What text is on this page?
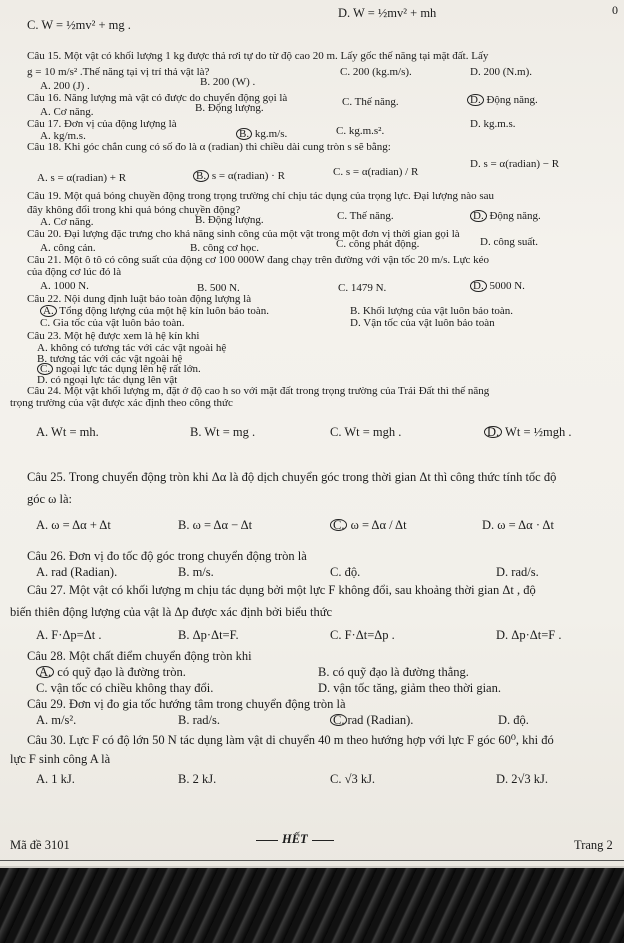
C. W = ½mv² + mg .
D. W = ½mv² + mh
Câu 15. Một vật có khối lượng 1 kg được thả rơi tự do từ độ cao 20 m. Lấy gốc thế năng tại mặt đất. Lấy
g = 10 m/s² .Thế năng tại vị trí thả vật là?
A. 200 (J) .	B. 200 (W) .
C. 200 (kg.m/s).	D. 200 (N.m).
Câu 16. Năng lượng mà vật có được do chuyển động gọi là
A. Cơ năng.	B. Động lượng.	C. Thế năng.
Câu 17. Đơn vị của động lượng là
A. kg/m.s.	C. kg.m.s².
D. kg.m.s.
Câu 18. Khi góc chắn cung có số đo là α (radian) thì chiều dài cung tròn s sẽ bằng:
A. s = α(radian) + R	C. s = α(radian) / R
D. s = α(radian) − R
Câu 19. Một quả bóng chuyền động trong trọng trường chỉ chịu tác dụng của trọng lực. Đại lượng nào sau
đây không đổi trong khi quả bóng chuyền động?
A. Cơ năng.	B. Động lượng.	C. Thế năng.
Câu 20. Đại lượng đặc trưng cho khả năng sinh công của một vật trong một đơn vị thời gian gọi là
A. công cản.	B. công cơ học.	C. công phát động.	D. công suất.
Câu 21. Một ô tô có công suất của động cơ 100 000W đang chạy trên đường với vận tốc 20 m/s. Lực kéo
của động cơ lúc đó là
A. 1000 N.	B. 500 N.	C. 1479 N.
Câu 22. Nội dung định luật bảo toàn động lượng là
B. Khối lượng của vật luôn bảo toàn.
C. Gia tốc của vật luôn bảo toàn.	D. Vận tốc của vật luôn bảo toàn
Câu 23. Một hệ được xem là hệ kín khi
A. không có tương tác với các vật ngoài hệ
B. tương tác với các vật ngoài hệ
D. có ngoại lực tác dụng lên vật
Câu 24. Một vật khối lượng m, đặt ở độ cao h so với mặt đất trong trọng trường của Trái Đất thì thế năng
trọng trường của vật được xác định theo công thức
D. Động năng.
B. kg.m/s.
B. s = α(radian) · R
D. Động năng.
D. 5000 N.
A. Tổng động lượng của một hệ kín luôn bảo toàn.
C. ngoại lực tác dụng lên hệ rất lớn.
A. Wt = mh.	B. Wt = mg .	C. Wt = mgh .
Câu 25. Trong chuyển động tròn khi Δα là độ dịch chuyển góc trong thời gian Δt thì công thức tính tốc độ
góc ω là:
A. ω = Δα + Δt	B. ω = Δα − Δt	D. ω = Δα · Δt
Câu 26. Đơn vị đo tốc độ góc trong chuyển động tròn là
A. rad (Radian).	B. m/s.	C. độ.	D. rad/s.
Câu 27. Một vật có khối lượng m chịu tác dụng bởi một lực F không đổi, sau khoảng thời gian Δt , độ
biến thiên động lượng của vật là Δp được xác định bởi biểu thức
A. F·Δp=Δt .	B. Δp·Δt=F.	C. F·Δt=Δp .	D. Δp·Δt=F .
Câu 28. Một chất điểm chuyển động tròn khi
B. có quỹ đạo là đường thẳng.
C. vận tốc có chiều không thay đổi.	D. vận tốc tăng, giảm theo thời gian.
Câu 29. Đơn vị đo gia tốc hướng tâm trong chuyển động tròn là
A. m/s².	B. rad/s.	D. độ.
Câu 30. Lực F có độ lớn 50 N tác dụng làm vật di chuyển 40 m theo hướng hợp với lực F góc 60⁰, khi đó
lực F sinh công A là
A. 1 kJ.	B. 2 kJ.	C. √3 kJ.	D. 2√3 kJ.
D. Wt = ½mgh .
C. ω = Δα / Δt
A. có quỹ đạo là đường tròn.
C. rad (Radian).
0
HẾT
Mã đề 3101	Trang 2
